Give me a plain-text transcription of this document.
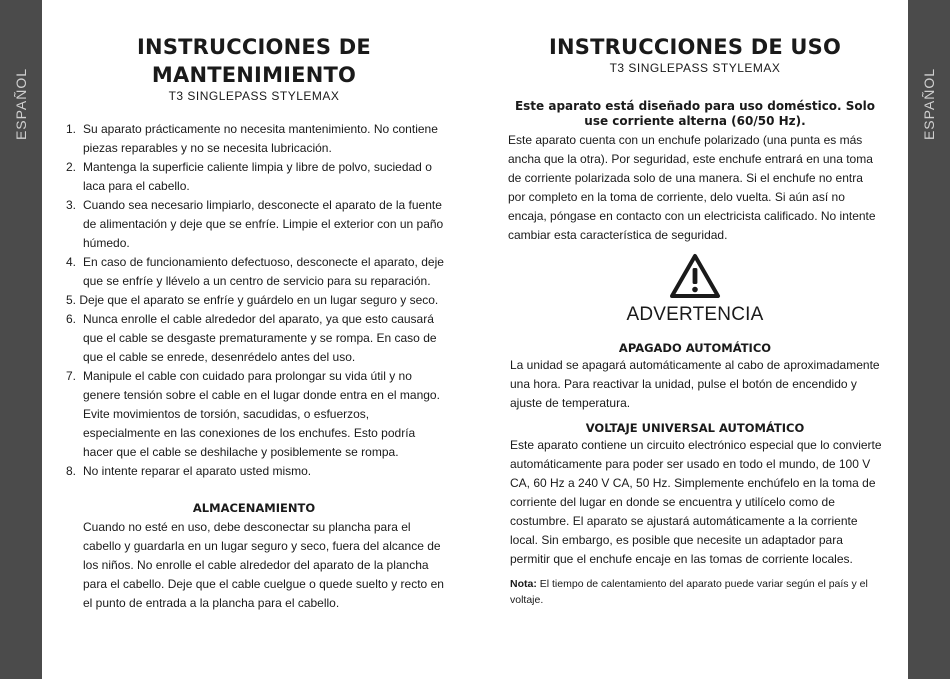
ESPAÑOL	ESPAÑOL
INSTRUCCIONES DE
MANTENIMIENTO
T3 SINGLEPASS STYLEMAX
1. Su aparato prácticamente no necesita mantenimiento. No contiene piezas reparables y no se necesita lubricación.
2. Mantenga la superficie caliente limpia y libre de polvo, suciedad o laca para el cabello.
3. Cuando sea necesario limpiarlo, desconecte el aparato de la fuente de alimentación y deje que se enfríe. Limpie el exterior con un paño húmedo.
4. En caso de funcionamiento defectuoso, desconecte el aparato, deje que se enfríe y llévelo a un centro de servicio para su reparación.
5. Deje que el aparato se enfríe y guárdelo en un lugar seguro y seco.
6. Nunca enrolle el cable alrededor del aparato, ya que esto causará que el cable se desgaste prematuramente y se rompa. En caso de que el cable se enrede, desenrédelo antes del uso.
7. Manipule el cable con cuidado para prolongar su vida útil y no genere tensión sobre el cable en el lugar donde entra en el mango. Evite movimientos de torsión, sacudidas, o esfuerzos, especialmente en las conexiones de los enchufes. Esto podría hacer que el cable se deshilache y posiblemente se rompa.
8. No intente reparar el aparato usted mismo.
ALMACENAMIENTO
Cuando no esté en uso, debe desconectar su plancha para el cabello y guardarla en un lugar seguro y seco, fuera del alcance de los niños. No enrolle el cable alrededor del aparato de la plancha para el cabello. Deje que el cable cuelgue o quede suelto y recto en el punto de entrada a la plancha para el cabello.
INSTRUCCIONES DE USO
T3 SINGLEPASS STYLEMAX
Este aparato está diseñado para uso doméstico. Solo use corriente alterna (60/50 Hz).
Este aparato cuenta con un enchufe polarizado (una punta es más ancha que la otra). Por seguridad, este enchufe entrará en una toma de corriente polarizada solo de una manera. Si el enchufe no entra por completo en la toma de corriente, delo vuelta. Si aún así no encaja, póngase en contacto con un electricista calificado. No intente cambiar esta característica de seguridad.
ADVERTENCIA
APAGADO AUTOMÁTICO
La unidad se apagará automáticamente al cabo de aproximadamente una hora. Para reactivar la unidad, pulse el botón de encendido y ajuste de temperatura.
VOLTAJE UNIVERSAL AUTOMÁTICO
Este aparato contiene un circuito electrónico especial que lo convierte automáticamente para poder ser usado en todo el mundo, de 100 V CA, 60 Hz a 240 V CA, 50 Hz. Simplemente enchúfelo en la toma de corriente del lugar en donde se encuentra y utilícelo como de costumbre. El aparato se ajustará automáticamente a la corriente local. Sin embargo, es posible que necesite un adaptador para permitir que el enchufe encaje en las tomas de corriente locales.
Nota: El tiempo de calentamiento del aparato puede variar según el país y el voltaje.
